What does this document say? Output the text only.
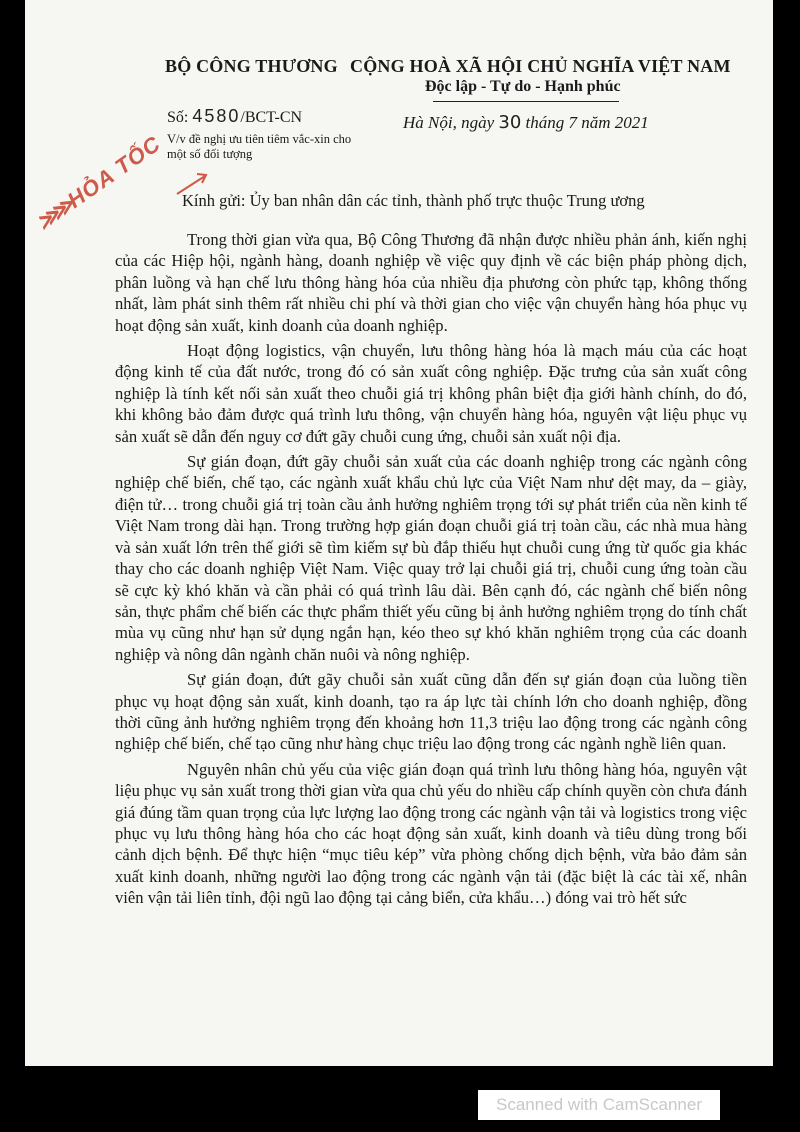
BỘ CÔNG THƯƠNG CỘNG HOÀ XÃ HỘI CHỦ NGHĨA VIỆT NAM
Độc lập - Tự do - Hạnh phúc
Số: 4580/BCT-CN	Hà Nội, ngày 30 tháng 7 năm 2021
V/v đề nghị ưu tiên tiêm vắc-xin cho một số đối tượng
≫≫
HỎA TỐC Kính gửi: Ủy ban nhân dân các tỉnh, thành phố trực thuộc Trung ương

Trong thời gian vừa qua, Bộ Công Thương đã nhận được nhiều phản ánh, kiến nghị của các Hiệp hội, ngành hàng, doanh nghiệp về việc quy định về các biện pháp phòng dịch, phân luồng và hạn chế lưu thông hàng hóa của nhiều địa phương còn phức tạp, không thống nhất, làm phát sinh thêm rất nhiều chi phí và thời gian cho việc vận chuyển hàng hóa phục vụ hoạt động sản xuất, kinh doanh của doanh nghiệp.

Hoạt động logistics, vận chuyển, lưu thông hàng hóa là mạch máu của các hoạt động kinh tế của đất nước, trong đó có sản xuất công nghiệp. Đặc trưng của sản xuất công nghiệp là tính kết nối sản xuất theo chuỗi giá trị không phân biệt địa giới hành chính, do đó, khi không bảo đảm được quá trình lưu thông, vận chuyển hàng hóa, nguyên vật liệu phục vụ sản xuất sẽ dẫn đến nguy cơ đứt gãy chuỗi cung ứng, chuỗi sản xuất nội địa.

Sự gián đoạn, đứt gãy chuỗi sản xuất của các doanh nghiệp trong các ngành công nghiệp chế biến, chế tạo, các ngành xuất khẩu chủ lực của Việt Nam như dệt may, da – giày, điện tử… trong chuỗi giá trị toàn cầu ảnh hưởng nghiêm trọng tới sự phát triển của nền kinh tế Việt Nam trong dài hạn. Trong trường hợp gián đoạn chuỗi giá trị toàn cầu, các nhà mua hàng và sản xuất lớn trên thế giới sẽ tìm kiếm sự bù đắp thiếu hụt chuỗi cung ứng từ quốc gia khác thay cho các doanh nghiệp Việt Nam. Việc quay trở lại chuỗi giá trị, chuỗi cung ứng toàn cầu sẽ cực kỳ khó khăn và cần phải có quá trình lâu dài. Bên cạnh đó, các ngành chế biến nông sản, thực phẩm chế biến các thực phẩm thiết yếu cũng bị ảnh hưởng nghiêm trọng do tính chất mùa vụ cũng như hạn sử dụng ngắn hạn, kéo theo sự khó khăn nghiêm trọng của các doanh nghiệp và nông dân ngành chăn nuôi và nông nghiệp.

Sự gián đoạn, đứt gãy chuỗi sản xuất cũng dẫn đến sự gián đoạn của luồng tiền phục vụ hoạt động sản xuất, kinh doanh, tạo ra áp lực tài chính lớn cho doanh nghiệp, đồng thời cũng ảnh hưởng nghiêm trọng đến khoảng hơn 11,3 triệu lao động trong các ngành công nghiệp chế biến, chế tạo cũng như hàng chục triệu lao động trong các ngành nghề liên quan.

Nguyên nhân chủ yếu của việc gián đoạn quá trình lưu thông hàng hóa, nguyên vật liệu phục vụ sản xuất trong thời gian vừa qua chủ yếu do nhiều cấp chính quyền còn chưa đánh giá đúng tầm quan trọng của lực lượng lao động trong các ngành vận tải và logistics trong việc phục vụ lưu thông hàng hóa cho các hoạt động sản xuất, kinh doanh và tiêu dùng trong bối cảnh dịch bệnh. Để thực hiện “mục tiêu kép” vừa phòng chống dịch bệnh, vừa bảo đảm sản xuất kinh doanh, những người lao động trong các ngành vận tải (đặc biệt là các tài xế, nhân viên vận tải liên tỉnh, đội ngũ lao động tại cảng biển, cửa khẩu…) đóng vai trò hết sức

Scanned with CamScanner
